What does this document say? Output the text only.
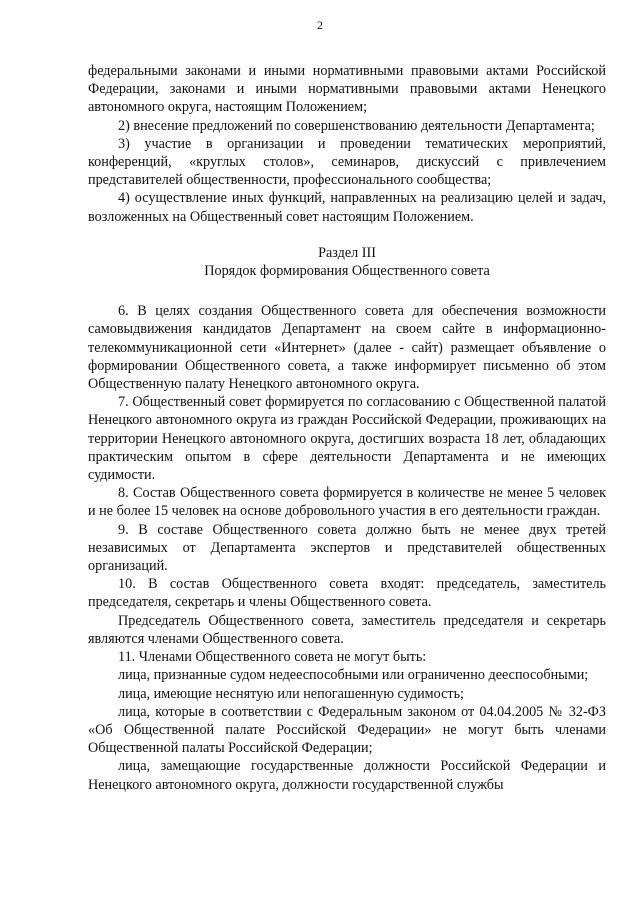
2

федеральными законами и иными нормативными правовыми актами Российской Федерации, законами и иными нормативными правовыми актами Ненецкого автономного округа, настоящим Положением;

2) внесение предложений по совершенствованию деятельности Департамента;

3) участие в организации и проведении тематических мероприятий, конференций, «круглых столов», семинаров, дискуссий с привлечением представителей общественности, профессионального сообщества;

4) осуществление иных функций, направленных на реализацию целей и задач, возложенных на Общественный совет настоящим Положением.

Раздел III
Порядок формирования Общественного совета

6. В целях создания Общественного совета для обеспечения возможности самовыдвижения кандидатов Департамент на своем сайте в информационно-телекоммуникационной сети «Интернет» (далее - сайт) размещает объявление о формировании Общественного совета, а также информирует письменно об этом Общественную палату Ненецкого автономного округа.

7. Общественный совет формируется по согласованию с Общественной палатой Ненецкого автономного округа из граждан Российской Федерации, проживающих на территории Ненецкого автономного округа, достигших возраста 18 лет, обладающих практическим опытом в сфере деятельности Департамента и не имеющих судимости.

8. Состав Общественного совета формируется в количестве не менее 5 человек и не более 15 человек на основе добровольного участия в его деятельности граждан.

9. В составе Общественного совета должно быть не менее двух третей независимых от Департамента экспертов и представителей общественных организаций.

10. В состав Общественного совета входят: председатель, заместитель председателя, секретарь и члены Общественного совета.

Председатель Общественного совета, заместитель председателя и секретарь являются членами Общественного совета.

11. Членами Общественного совета не могут быть:

лица, признанные судом недееспособными или ограниченно дееспособными;

лица, имеющие неснятую или непогашенную судимость;

лица, которые в соответствии с Федеральным законом от 04.04.2005 № 32-ФЗ «Об Общественной палате Российской Федерации» не могут быть членами Общественной палаты Российской Федерации;

лица, замещающие государственные должности Российской Федерации и Ненецкого автономного округа, должности государственной службы
